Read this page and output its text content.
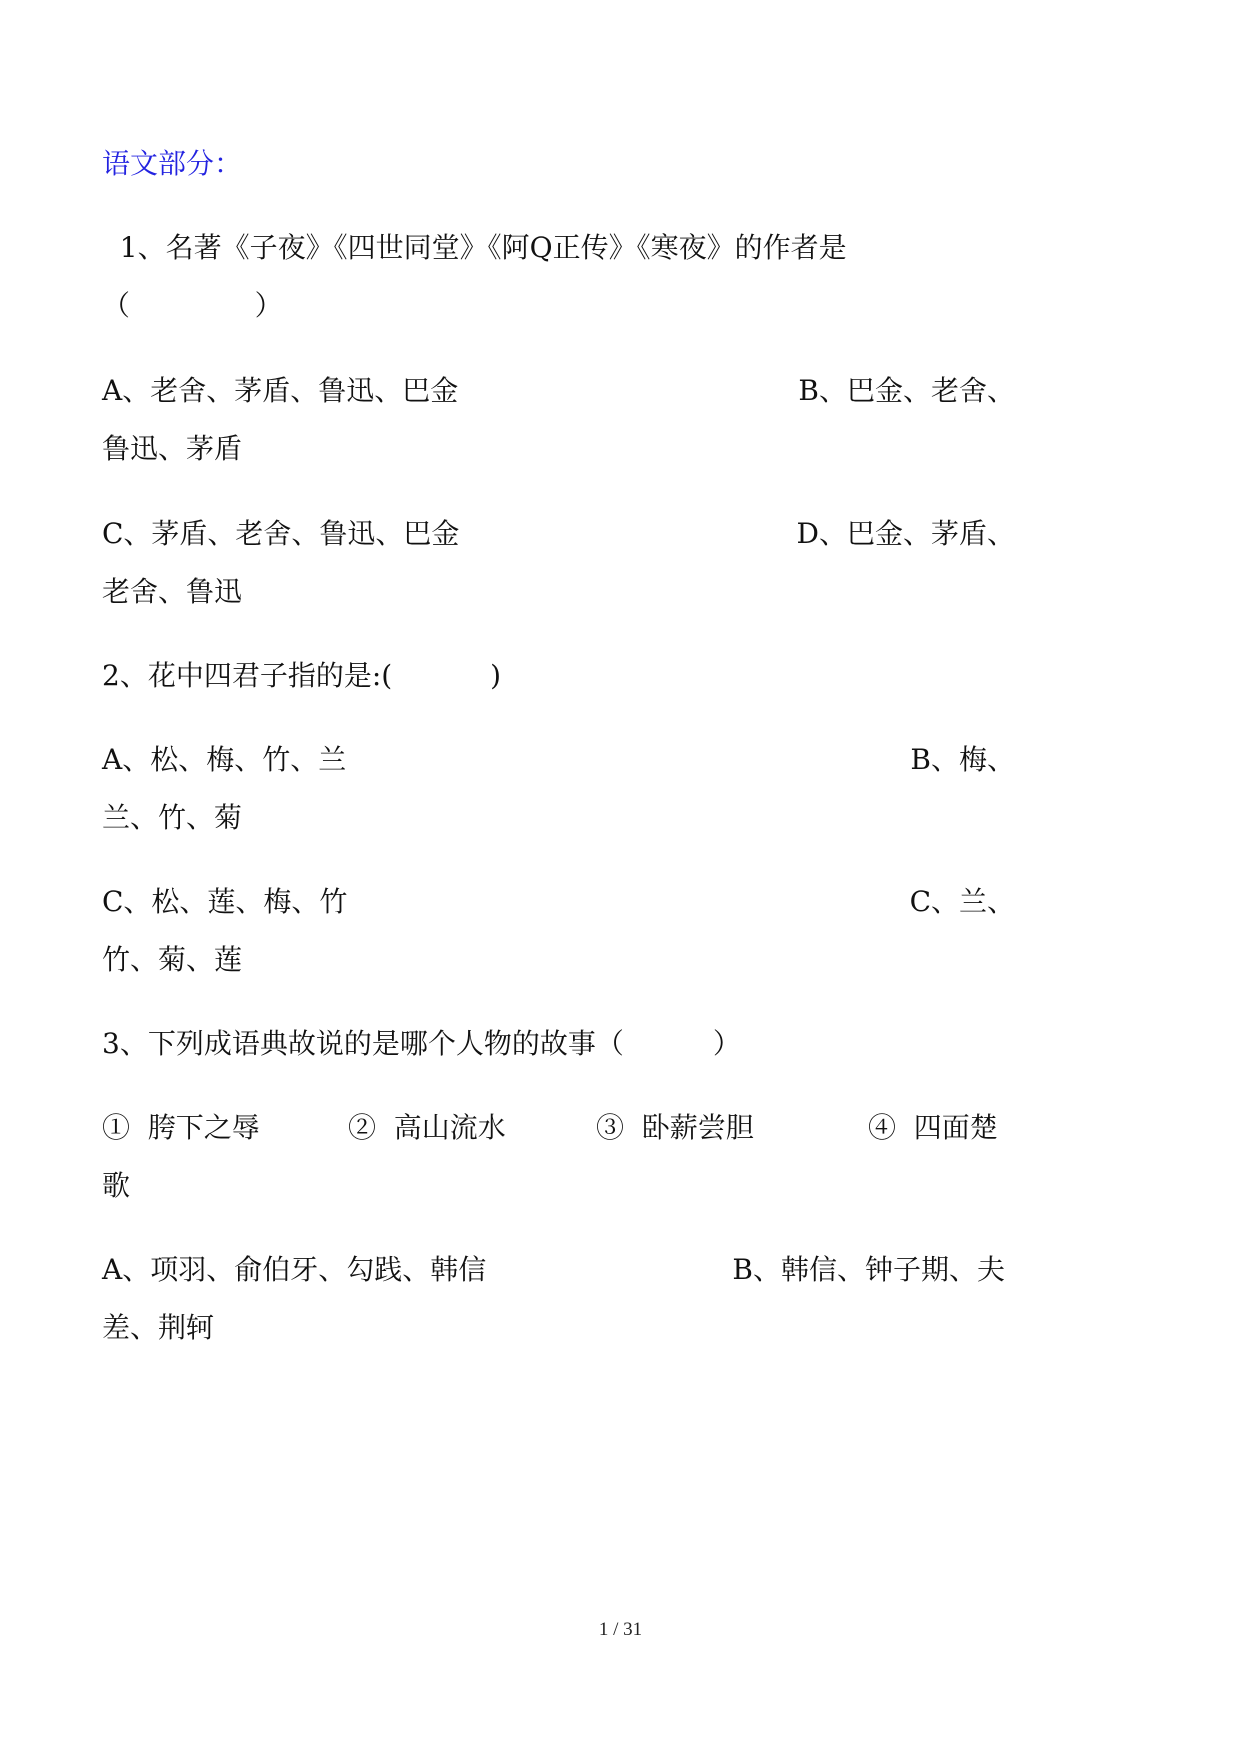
语文部分：
1、名著《子夜》《四世同堂》《阿Q正传》《寒夜》的作者是
（              ）
A、老舍、茅盾、鲁迅、巴金	B、巴金、老舍、
鲁迅、茅盾
C、茅盾、老舍、鲁迅、巴金	D、巴金、茅盾、
老舍、鲁迅
2、花中四君子指的是:(           )
A、松、梅、竹、兰	B、梅、
兰、竹、菊
C、松、莲、梅、竹	C、兰、
竹、菊、莲
3、下列成语典故说的是哪个人物的故事（          ）
①  胯下之辱	②  高山流水	③  卧薪尝胆	④  四面楚
歌
A、项羽、俞伯牙、勾践、韩信	B、韩信、钟子期、夫
差、荆轲
1 / 31
